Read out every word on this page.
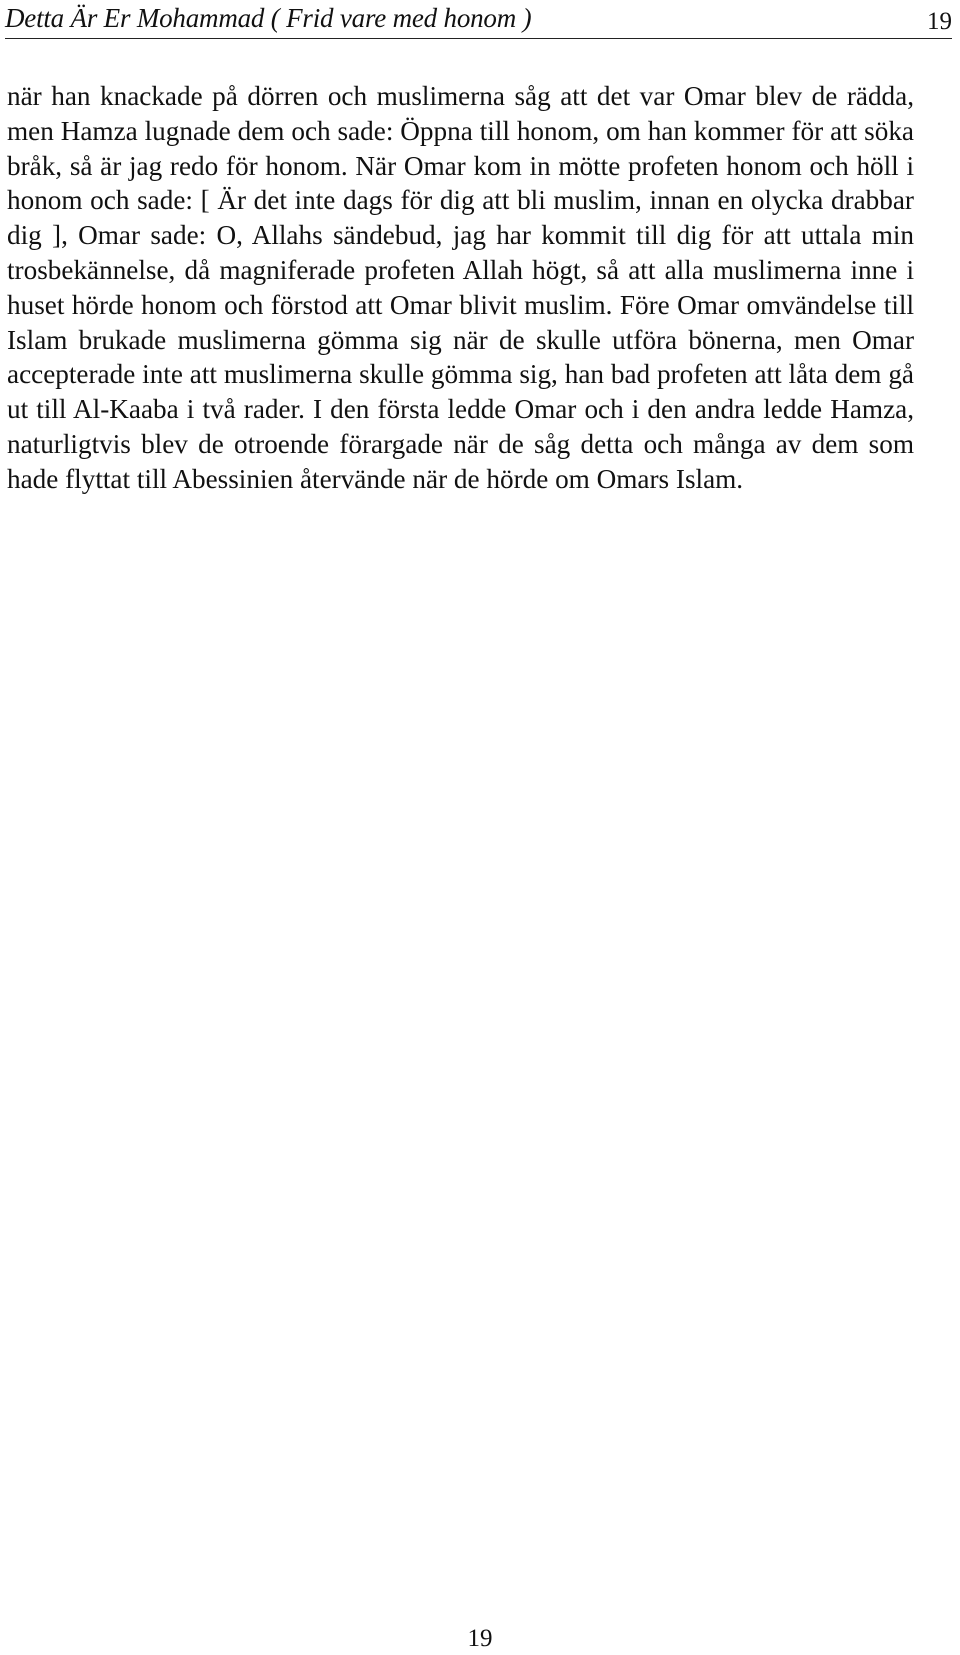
Detta Är Er Mohammad ( Frid vare med honom )	19

när han knackade på dörren och muslimerna såg att det var Omar blev de rädda, men Hamza lugnade dem och sade: Öppna till honom, om han kommer för att söka bråk, så är jag redo för honom. När Omar kom in mötte profeten honom och höll i honom och sade: [ Är det inte dags för dig att bli muslim, innan en olycka drabbar dig ], Omar sade: O, Allahs sändebud, jag har kommit till dig för att uttala min trosbekännelse, då magniferade profeten Allah högt, så att alla muslimerna inne i huset hörde honom och förstod att Omar blivit muslim. Före Omar omvändelse till Islam brukade muslimerna gömma sig när de skulle utföra bönerna, men Omar accepterade inte att muslimerna skulle gömma sig, han bad profeten att låta dem gå ut till Al-Kaaba i två rader. I den första ledde Omar och i den andra ledde Hamza, naturligtvis blev de otroende förargade när de såg detta och många av dem som hade flyttat till Abessinien återvände när de hörde om Omars Islam.

19
